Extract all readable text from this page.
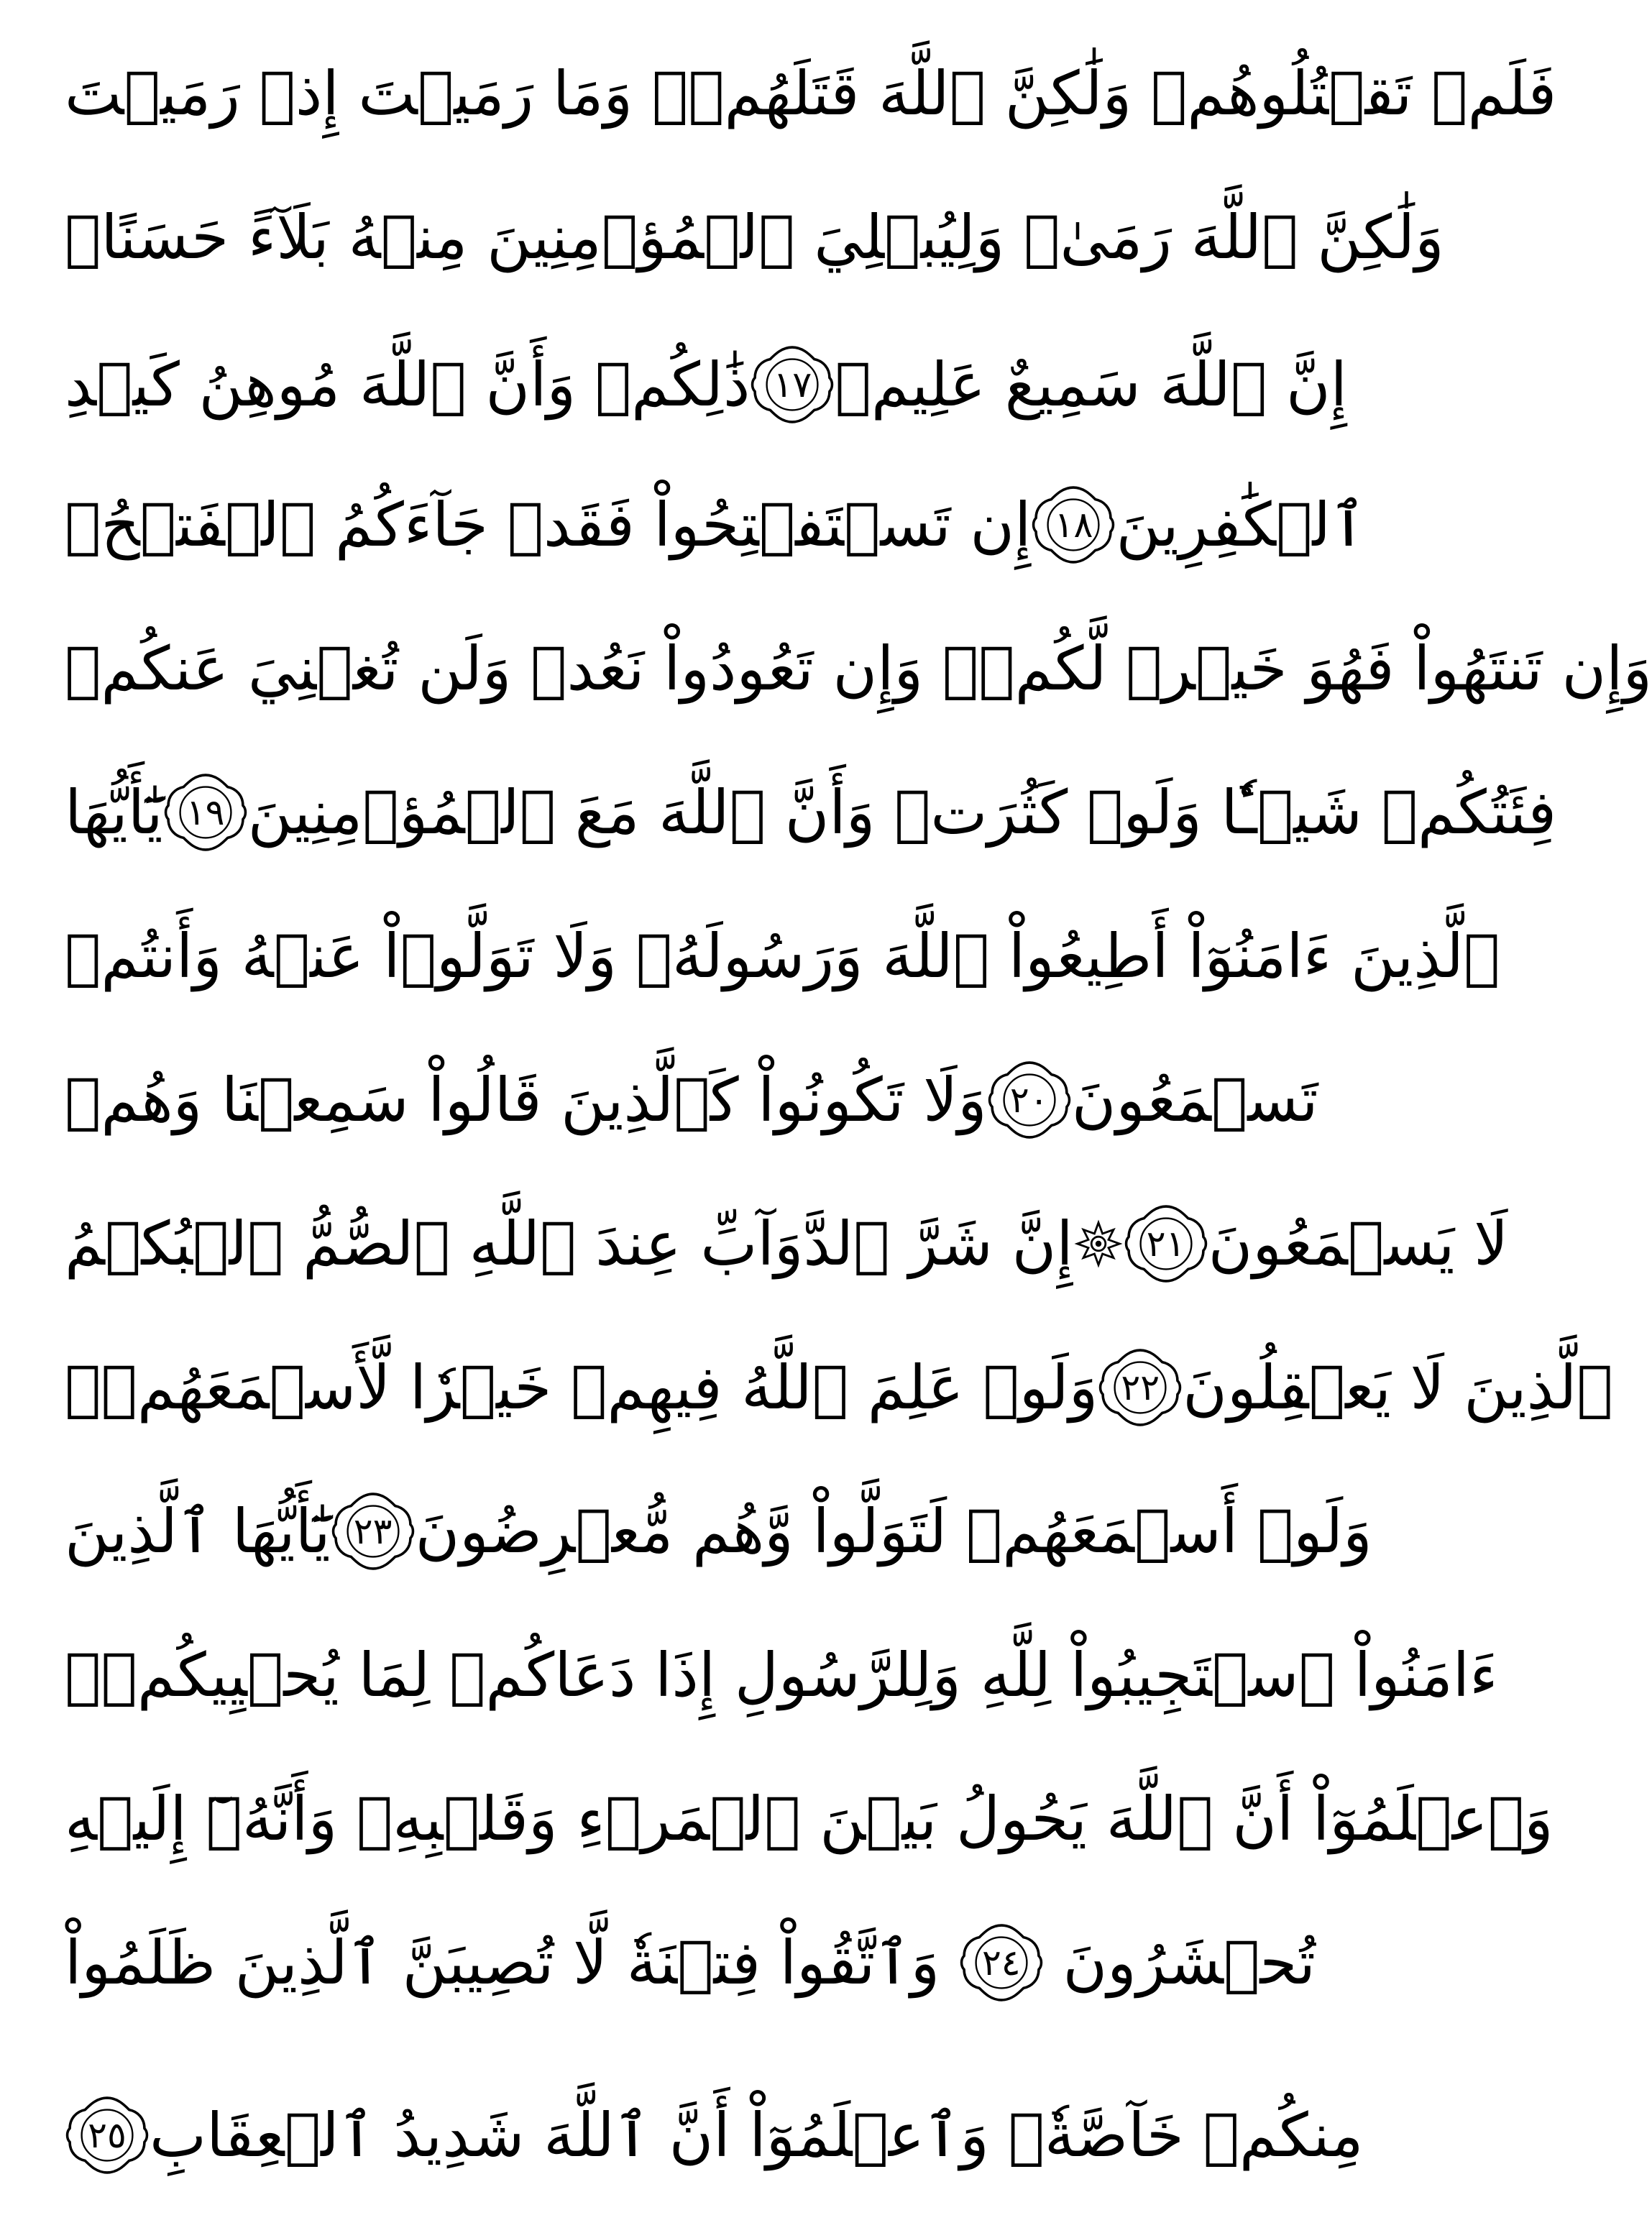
فَلَمۡ تَقۡتُلُوهُمۡ وَلَٰكِنَّ ٱللَّهَ قَتَلَهُمۡۚ وَمَا رَمَيۡتَ إِذۡ رَمَيۡتَ
وَلَٰكِنَّ ٱللَّهَ رَمَىٰۚ وَلِيُبۡلِيَ ٱلۡمُؤۡمِنِينَ مِنۡهُ بَلَآءً حَسَنًاۚ
ذَٰلِكُمۡ وَأَنَّ ٱللَّهَ مُوهِنُ كَيۡدِ ١٧ إِنَّ ٱللَّهَ سَمِيعٌ عَلِيمٞ
إِن تَسۡتَفۡتِحُواْ فَقَدۡ جَآءَكُمُ ٱلۡفَتۡحُۖ ١٨ ٱلۡكَٰفِرِينَ
وَإِن تَنتَهُواْ فَهُوَ خَيۡرٞ لَّكُمۡۖ وَإِن تَعُودُواْ نَعُدۡ وَلَن تُغۡنِيَ عَنكُمۡ
يَٰٓأَيُّهَا ١٩ فِئَتُكُمۡ شَيۡـٔٗا وَلَوۡ كَثُرَتۡ وَأَنَّ ٱللَّهَ مَعَ ٱلۡمُؤۡمِنِينَ
ٱلَّذِينَ ءَامَنُوٓاْ أَطِيعُواْ ٱللَّهَ وَرَسُولَهُۥ وَلَا تَوَلَّوۡاْ عَنۡهُ وَأَنتُمۡ
وَلَا تَكُونُواْ كَٱلَّذِينَ قَالُواْ سَمِعۡنَا وَهُمۡ ٢٠ تَسۡمَعُونَ
إِنَّ شَرَّ ٱلدَّوَآبِّ عِندَ ٱللَّهِ ٱلصُّمُّ ٱلۡبُكۡمُ	٢١ لَا يَسۡمَعُونَ
وَلَوۡ عَلِمَ ٱللَّهُ فِيهِمۡ خَيۡرٗا لَّأَسۡمَعَهُمۡۖ ٢٢ ٱلَّذِينَ لَا يَعۡقِلُونَ
يَٰٓأَيُّهَا ٱلَّذِينَ ٢٣ وَلَوۡ أَسۡمَعَهُمۡ لَتَوَلَّواْ وَّهُم مُّعۡرِضُونَ
ءَامَنُواْ ٱسۡتَجِيبُواْ لِلَّهِ وَلِلرَّسُولِ إِذَا دَعَاكُمۡ لِمَا يُحۡيِيكُمۡۖ
وَٱعۡلَمُوٓاْ أَنَّ ٱللَّهَ يَحُولُ بَيۡنَ ٱلۡمَرۡءِ وَقَلۡبِهِۦ وَأَنَّهُۥٓ إِلَيۡهِ
وَٱتَّقُواْ فِتۡنَةٗ لَّا تُصِيبَنَّ ٱلَّذِينَ ظَلَمُواْ	٢٤ تُحۡشَرُونَ
٢٥ مِنكُمۡ خَآصَّةٗۖ وَٱعۡلَمُوٓاْ أَنَّ ٱللَّهَ شَدِيدُ ٱلۡعِقَابِ
